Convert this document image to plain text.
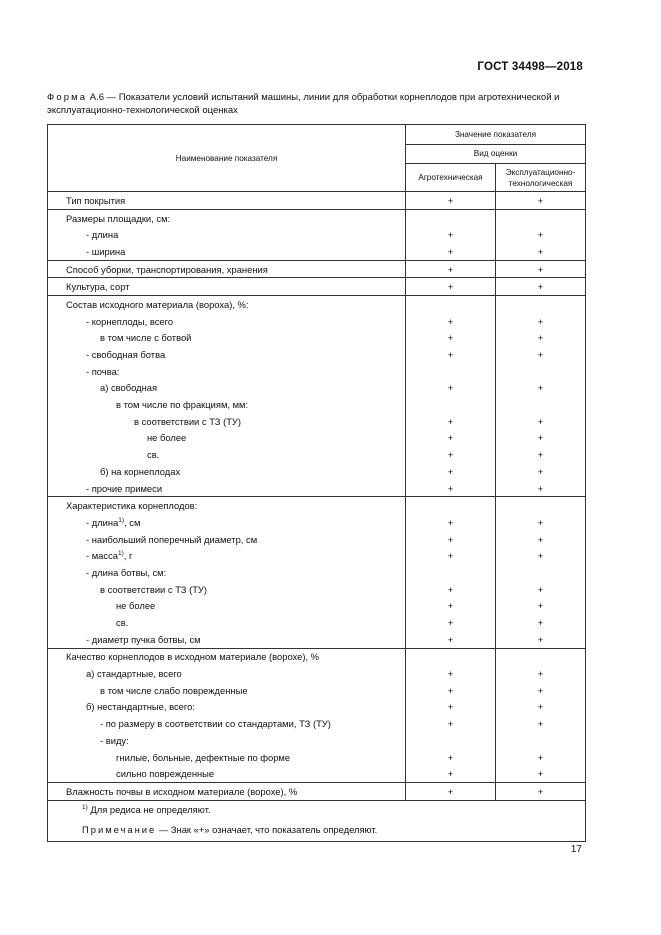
ГОСТ 34498—2018
Форма А.6 — Показатели условий испытаний машины, линии для обработки корнеплодов при агротехнической и эксплуатационно-технологической оценках
Наименование показателя	Значение показателя	
	Вид оценки	
	Агротехническая	Эксплуатационно-технологическая
Тип покрытия	+	+
Размеры площадки, см:		
- длина	+	+
- ширина	+	+
Способ уборки, транспортирования, хранения	+	+
Культура, сорт	+	+
Состав исходного материала (вороха), %:		
- корнеплоды, всего	+	+
в том числе с ботвой	+	+
- свободная ботва	+	+
- почва:		
а) свободная	+	+
в том числе по фракциям, мм:		
в соответствии с ТЗ (ТУ)	+	+
не более	+	+
св.	+	+
б) на корнеплодах	+	+
- прочие примеси	+	+
Характеристика корнеплодов:		
- длина$^{1)}$, см	+	+
- наибольший поперечный диаметр, см	+	+
- масса$^{1)}$, г	+	+
- длина ботвы, см:		
в соответствии с ТЗ (ТУ)	+	+
не более	+	+
св.	+	+
- диаметр пучка ботвы, см	+	+
Качество корнеплодов в исходном материале (ворохе), %		
а) стандартные, всего	+	+
в том числе слабо поврежденные	+	+
б) нестандартные, всего:	+	+
- по размеру в соответствии со стандартами, ТЗ (ТУ)	+	+
- виду:		
гнилые, больные, дефектные по форме	+	+
сильно поврежденные	+	+
Влажность почвы в исходном материале (ворохе), %	+	+
$^{1)}$ Для редиса не определяют.		
Примечание — Знак «+» означает, что показатель определяют.		
17
